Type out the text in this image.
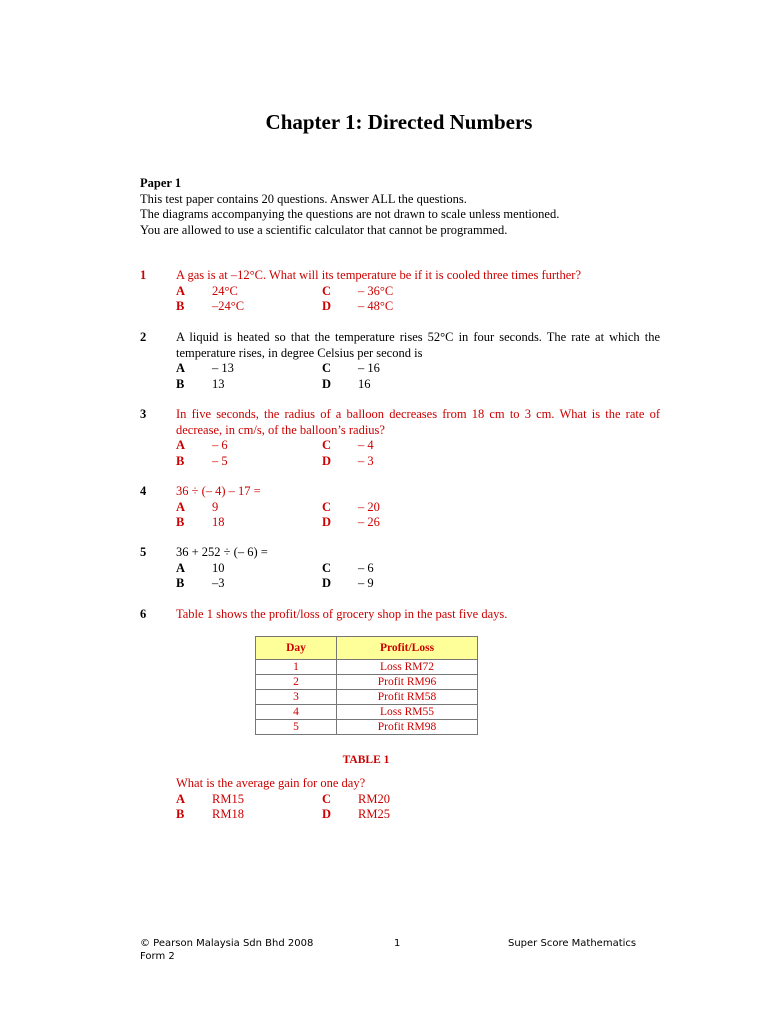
Chapter 1: Directed Numbers
Paper 1
This test paper contains 20 questions. Answer ALL the questions.
The diagrams accompanying the questions are not drawn to scale unless mentioned.
You are allowed to use a scientific calculator that cannot be programmed.
1 A gas is at –12°C. What will its temperature be if it is cooled three times further?
A	24°C	C	– 36°C
B	–24°C	D	– 48°C
2 A liquid is heated so that the temperature rises 52°C in four seconds. The rate at which the temperature rises, in degree Celsius per second is
A	– 13	C	– 16
B	13	D	16
3 In five seconds, the radius of a balloon decreases from 18 cm to 3 cm. What is the rate of decrease, in cm/s, of the balloon’s radius?
A	– 6	C	– 4
B	– 5	D	– 3
4 36 ÷ (– 4) – 17 =
A	9	C	– 20
B	18	D	– 26
5 36 + 252 ÷ (– 6) =
A	10	C	– 6
B	–3	D	– 9
6 Table 1 shows the profit/loss of grocery shop in the past five days.
Day	Profit/Loss
1	Loss RM72
2	Profit RM96
3	Profit RM58
4	Loss RM55
5	Profit RM98
TABLE 1
What is the average gain for one day?
A	RM15	C	RM20
B	RM18	D	RM25
© Pearson Malaysia Sdn Bhd 2008	1	Super Score Mathematics
Form 2
